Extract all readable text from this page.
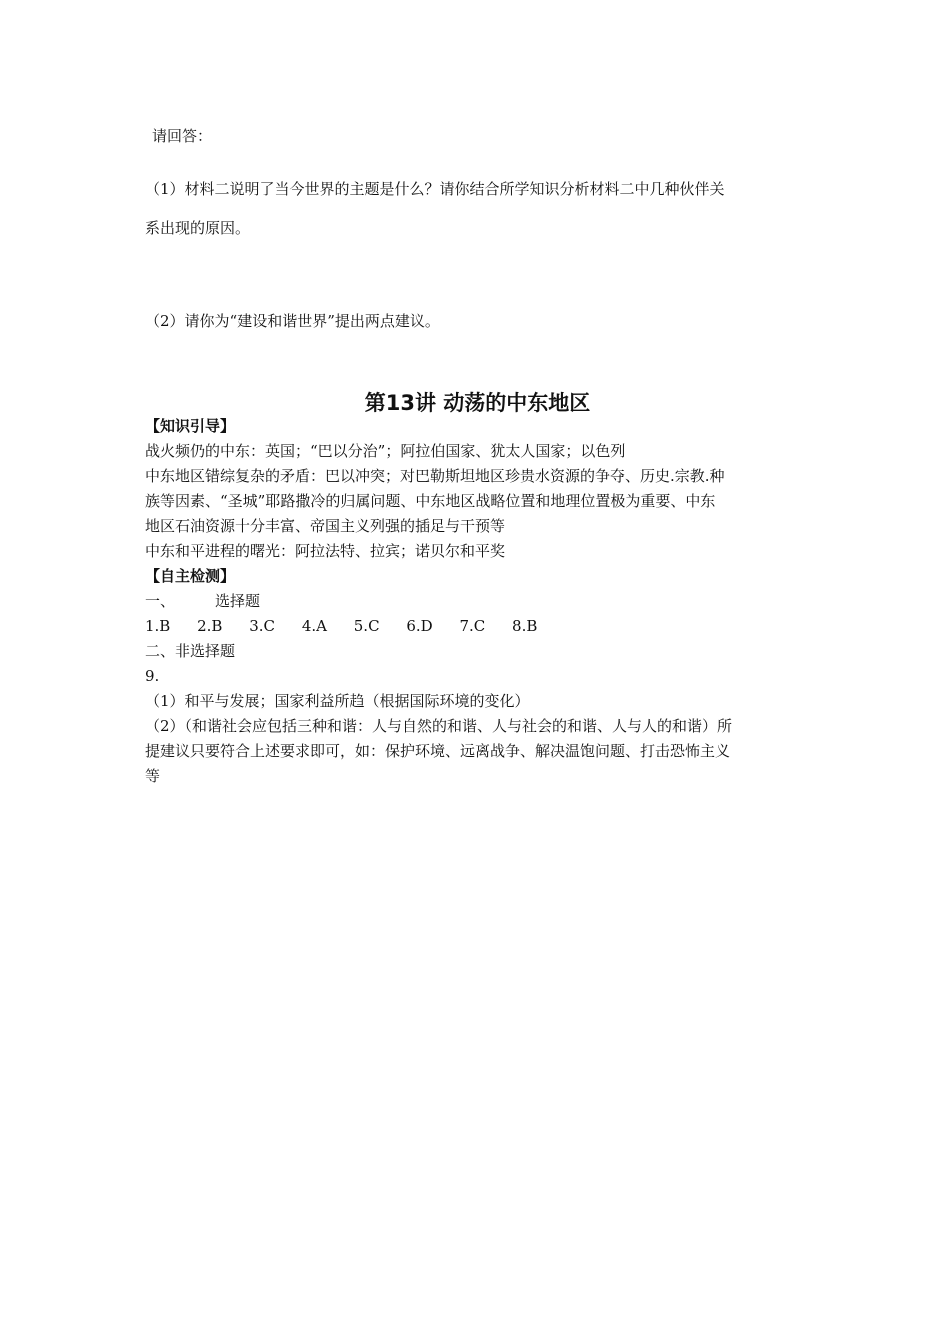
请回答：
（1）材料二说明了当今世界的主题是什么？请你结合所学知识分析材料二中几种伙伴关
系出现的原因。
（2）请你为“建设和谐世界”提出两点建议。
第13讲 动荡的中东地区
【知识引导】
战火频仍的中东：英国；“巴以分治”；阿拉伯国家、犹太人国家；以色列
中东地区错综复杂的矛盾：巴以冲突；对巴勒斯坦地区珍贵水资源的争夺、历史.宗教.种
族等因素、“圣城”耶路撒冷的归属问题、中东地区战略位置和地理位置极为重要、中东
地区石油资源十分丰富、帝国主义列强的插足与干预等
中东和平进程的曙光：阿拉法特、拉宾；诺贝尔和平奖
【自主检测】
一、	选择题
1.B 2.B 3.C 4.A 5.C 6.D 7.C 8.B
二、非选择题
9.
（1）和平与发展；国家利益所趋（根据国际环境的变化）
（2）（和谐社会应包括三种和谐：人与自然的和谐、人与社会的和谐、人与人的和谐）所
提建议只要符合上述要求即可，如：保护环境、远离战争、解决温饱问题、打击恐怖主义
等
